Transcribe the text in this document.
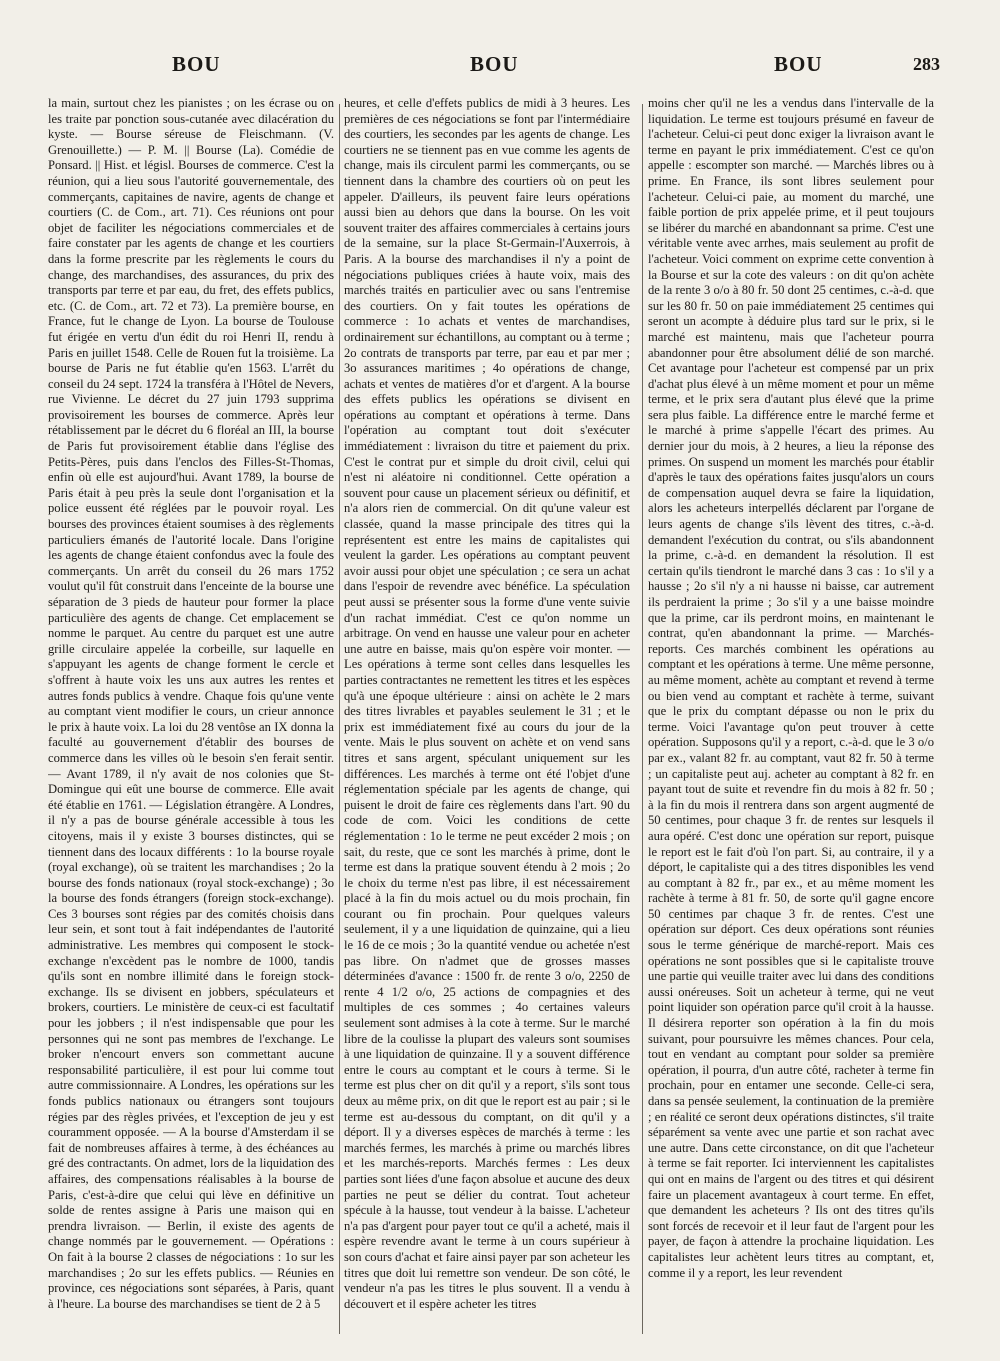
BOU	BOU	BOU	283

la main, surtout chez les pianistes ; on les écrase ou on les traite par ponction sous-cutanée avec dilacération du kyste. — Bourse séreuse de Fleischmann. (V. Grenouillette.) — P. M. || Bourse (La). Comédie de Ponsard. || Hist. et législ. Bourses de commerce. C'est la réunion, qui a lieu sous l'autorité gouvernementale, des commerçants, capitaines de navire, agents de change et courtiers (C. de Com., art. 71). Ces réunions ont pour objet de faciliter les négociations commerciales et de faire constater par les agents de change et les courtiers dans la forme prescrite par les règlements le cours du change, des marchandises, des assurances, du prix des transports par terre et par eau, du fret, des effets publics, etc. (C. de Com., art. 72 et 73). La première bourse, en France, fut le change de Lyon. La bourse de Toulouse fut érigée en vertu d'un édit du roi Henri II, rendu à Paris en juillet 1548. Celle de Rouen fut la troisième. La bourse de Paris ne fut établie qu'en 1563. L'arrêt du conseil du 24 sept. 1724 la transféra à l'Hôtel de Nevers, rue Vivienne. Le décret du 27 juin 1793 supprima provisoirement les bourses de commerce. Après leur rétablissement par le décret du 6 floréal an III, la bourse de Paris fut provisoirement établie dans l'église des Petits-Pères, puis dans l'enclos des Filles-St-Thomas, enfin où elle est aujourd'hui. Avant 1789, la bourse de Paris était à peu près la seule dont l'organisation et la police eussent été réglées par le pouvoir royal. Les bourses des provinces étaient soumises à des règlements particuliers émanés de l'autorité locale. Dans l'origine les agents de change étaient confondus avec la foule des commerçants. Un arrêt du conseil du 26 mars 1752 voulut qu'il fût construit dans l'enceinte de la bourse une séparation de 3 pieds de hauteur pour former la place particulière des agents de change. Cet emplacement se nomme le parquet. Au centre du parquet est une autre grille circulaire appelée la corbeille, sur laquelle en s'appuyant les agents de change forment le cercle et s'offrent à haute voix les uns aux autres les rentes et autres fonds publics à vendre. Chaque fois qu'une vente au comptant vient modifier le cours, un crieur annonce le prix à haute voix. La loi du 28 ventôse an IX donna la faculté au gouvernement d'établir des bourses de commerce dans les villes où le besoin s'en ferait sentir. — Avant 1789, il n'y avait de nos colonies que St-Domingue qui eût une bourse de commerce. Elle avait été établie en 1761. — Législation étrangère. A Londres, il n'y a pas de bourse générale accessible à tous les citoyens, mais il y existe 3 bourses distinctes, qui se tiennent dans des locaux différents : 1o la bourse royale (royal exchange), où se traitent les marchandises ; 2o la bourse des fonds nationaux (royal stock-exchange) ; 3o la bourse des fonds étrangers (foreign stock-exchange). Ces 3 bourses sont régies par des comités choisis dans leur sein, et sont tout à fait indépendantes de l'autorité administrative. Les membres qui composent le stock-exchange n'excèdent pas le nombre de 1000, tandis qu'ils sont en nombre illimité dans le foreign stock-exchange. Ils se divisent en jobbers, spéculateurs et brokers, courtiers. Le ministère de ceux-ci est facultatif pour les jobbers ; il n'est indispensable que pour les personnes qui ne sont pas membres de l'exchange. Le broker n'encourt envers son commettant aucune responsabilité particulière, il est pour lui comme tout autre commissionnaire. A Londres, les opérations sur les fonds publics nationaux ou étrangers sont toujours régies par des règles privées, et l'exception de jeu y est couramment opposée. — A la bourse d'Amsterdam il se fait de nombreuses affaires à terme, à des échéances au gré des contractants. On admet, lors de la liquidation des affaires, des compensations réalisables à la bourse de Paris, c'est-à-dire que celui qui lève en définitive un solde de rentes assigne à Paris une maison qui en prendra livraison. — Berlin, il existe des agents de change nommés par le gouvernement. — Opérations : On fait à la bourse 2 classes de négociations : 1o sur les marchandises ; 2o sur les effets publics. — Réunies en province, ces négociations sont séparées, à Paris, quant à l'heure. La bourse des marchandises se tient de 2 à 5

heures, et celle d'effets publics de midi à 3 heures. Les premières de ces négociations se font par l'intermédiaire des courtiers, les secondes par les agents de change. Les courtiers ne se tiennent pas en vue comme les agents de change, mais ils circulent parmi les commerçants, ou se tiennent dans la chambre des courtiers où on peut les appeler. D'ailleurs, ils peuvent faire leurs opérations aussi bien au dehors que dans la bourse. On les voit souvent traiter des affaires commerciales à certains jours de la semaine, sur la place St-Germain-l'Auxerrois, à Paris. A la bourse des marchandises il n'y a point de négociations publiques criées à haute voix, mais des marchés traités en particulier avec ou sans l'entremise des courtiers. On y fait toutes les opérations de commerce : 1o achats et ventes de marchandises, ordinairement sur échantillons, au comptant ou à terme ; 2o contrats de transports par terre, par eau et par mer ; 3o assurances maritimes ; 4o opérations de change, achats et ventes de matières d'or et d'argent. A la bourse des effets publics les opérations se divisent en opérations au comptant et opérations à terme. Dans l'opération au comptant tout doit s'exécuter immédiatement : livraison du titre et paiement du prix. C'est le contrat pur et simple du droit civil, celui qui n'est ni aléatoire ni conditionnel. Cette opération a souvent pour cause un placement sérieux ou définitif, et n'a alors rien de commercial. On dit qu'une valeur est classée, quand la masse principale des titres qui la représentent est entre les mains de capitalistes qui veulent la garder. Les opérations au comptant peuvent avoir aussi pour objet une spéculation ; ce sera un achat dans l'espoir de revendre avec bénéfice. La spéculation peut aussi se présenter sous la forme d'une vente suivie d'un rachat immédiat. C'est ce qu'on nomme un arbitrage. On vend en hausse une valeur pour en acheter une autre en baisse, mais qu'on espère voir monter. — Les opérations à terme sont celles dans lesquelles les parties contractantes ne remettent les titres et les espèces qu'à une époque ultérieure : ainsi on achète le 2 mars des titres livrables et payables seulement le 31 ; et le prix est immédiatement fixé au cours du jour de la vente. Mais le plus souvent on achète et on vend sans titres et sans argent, spéculant uniquement sur les différences. Les marchés à terme ont été l'objet d'une réglementation spéciale par les agents de change, qui puisent le droit de faire ces règlements dans l'art. 90 du code de com. Voici les conditions de cette réglementation : 1o le terme ne peut excéder 2 mois ; on sait, du reste, que ce sont les marchés à prime, dont le terme est dans la pratique souvent étendu à 2 mois ; 2o le choix du terme n'est pas libre, il est nécessairement placé à la fin du mois actuel ou du mois prochain, fin courant ou fin prochain. Pour quelques valeurs seulement, il y a une liquidation de quinzaine, qui a lieu le 16 de ce mois ; 3o la quantité vendue ou achetée n'est pas libre. On n'admet que de grosses masses déterminées d'avance : 1500 fr. de rente 3 o/o, 2250 de rente 4 1/2 o/o, 25 actions de compagnies et des multiples de ces sommes ; 4o certaines valeurs seulement sont admises à la cote à terme. Sur le marché libre de la coulisse la plupart des valeurs sont soumises à une liquidation de quinzaine. Il y a souvent différence entre le cours au comptant et le cours à terme. Si le terme est plus cher on dit qu'il y a report, s'ils sont tous deux au même prix, on dit que le report est au pair ; si le terme est au-dessous du comptant, on dit qu'il y a déport. Il y a diverses espèces de marchés à terme : les marchés fermes, les marchés à prime ou marchés libres et les marchés-reports. Marchés fermes : Les deux parties sont liées d'une façon absolue et aucune des deux parties ne peut se délier du contrat. Tout acheteur spécule à la hausse, tout vendeur à la baisse. L'acheteur n'a pas d'argent pour payer tout ce qu'il a acheté, mais il espère revendre avant le terme à un cours supérieur à son cours d'achat et faire ainsi payer par son acheteur les titres que doit lui remettre son vendeur. De son côté, le vendeur n'a pas les titres le plus souvent. Il a vendu à découvert et il espère acheter les titres

moins cher qu'il ne les a vendus dans l'intervalle de la liquidation. Le terme est toujours présumé en faveur de l'acheteur. Celui-ci peut donc exiger la livraison avant le terme en payant le prix immédiatement. C'est ce qu'on appelle : escompter son marché. — Marchés libres ou à prime. En France, ils sont libres seulement pour l'acheteur. Celui-ci paie, au moment du marché, une faible portion de prix appelée prime, et il peut toujours se libérer du marché en abandonnant sa prime. C'est une véritable vente avec arrhes, mais seulement au profit de l'acheteur. Voici comment on exprime cette convention à la Bourse et sur la cote des valeurs : on dit qu'on achète de la rente 3 o/o à 80 fr. 50 dont 25 centimes, c.-à-d. que sur les 80 fr. 50 on paie immédiatement 25 centimes qui seront un acompte à déduire plus tard sur le prix, si le marché est maintenu, mais que l'acheteur pourra abandonner pour être absolument délié de son marché. Cet avantage pour l'acheteur est compensé par un prix d'achat plus élevé à un même moment et pour un même terme, et le prix sera d'autant plus élevé que la prime sera plus faible. La différence entre le marché ferme et le marché à prime s'appelle l'écart des primes. Au dernier jour du mois, à 2 heures, a lieu la réponse des primes. On suspend un moment les marchés pour établir d'après le taux des opérations faites jusqu'alors un cours de compensation auquel devra se faire la liquidation, alors les acheteurs interpellés déclarent par l'organe de leurs agents de change s'ils lèvent des titres, c.-à-d. demandent l'exécution du contrat, ou s'ils abandonnent la prime, c.-à-d. en demandent la résolution. Il est certain qu'ils tiendront le marché dans 3 cas : 1o s'il y a hausse ; 2o s'il n'y a ni hausse ni baisse, car autrement ils perdraient la prime ; 3o s'il y a une baisse moindre que la prime, car ils perdront moins, en maintenant le contrat, qu'en abandonnant la prime. — Marchés-reports. Ces marchés combinent les opérations au comptant et les opérations à terme. Une même personne, au même moment, achète au comptant et revend à terme ou bien vend au comptant et rachète à terme, suivant que le prix du comptant dépasse ou non le prix du terme. Voici l'avantage qu'on peut trouver à cette opération. Supposons qu'il y a report, c.-à-d. que le 3 o/o par ex., valant 82 fr. au comptant, vaut 82 fr. 50 à terme ; un capitaliste peut auj. acheter au comptant à 82 fr. en payant tout de suite et revendre fin du mois à 82 fr. 50 ; à la fin du mois il rentrera dans son argent augmenté de 50 centimes, pour chaque 3 fr. de rentes sur lesquels il aura opéré. C'est donc une opération sur report, puisque le report est le fait d'où l'on part. Si, au contraire, il y a déport, le capitaliste qui a des titres disponibles les vend au comptant à 82 fr., par ex., et au même moment les rachète à terme à 81 fr. 50, de sorte qu'il gagne encore 50 centimes par chaque 3 fr. de rentes. C'est une opération sur déport. Ces deux opérations sont réunies sous le terme générique de marché-report. Mais ces opérations ne sont possibles que si le capitaliste trouve une partie qui veuille traiter avec lui dans des conditions aussi onéreuses. Soit un acheteur à terme, qui ne veut point liquider son opération parce qu'il croit à la hausse. Il désirera reporter son opération à la fin du mois suivant, pour poursuivre les mêmes chances. Pour cela, tout en vendant au comptant pour solder sa première opération, il pourra, d'un autre côté, racheter à terme fin prochain, pour en entamer une seconde. Celle-ci sera, dans sa pensée seulement, la continuation de la première ; en réalité ce seront deux opérations distinctes, s'il traite séparément sa vente avec une partie et son rachat avec une autre. Dans cette circonstance, on dit que l'acheteur à terme se fait reporter. Ici interviennent les capitalistes qui ont en mains de l'argent ou des titres et qui désirent faire un placement avantageux à court terme. En effet, que demandent les acheteurs ? Ils ont des titres qu'ils sont forcés de recevoir et il leur faut de l'argent pour les payer, de façon à attendre la prochaine liquidation. Les capitalistes leur achètent leurs titres au comptant, et, comme il y a report, les leur revendent
